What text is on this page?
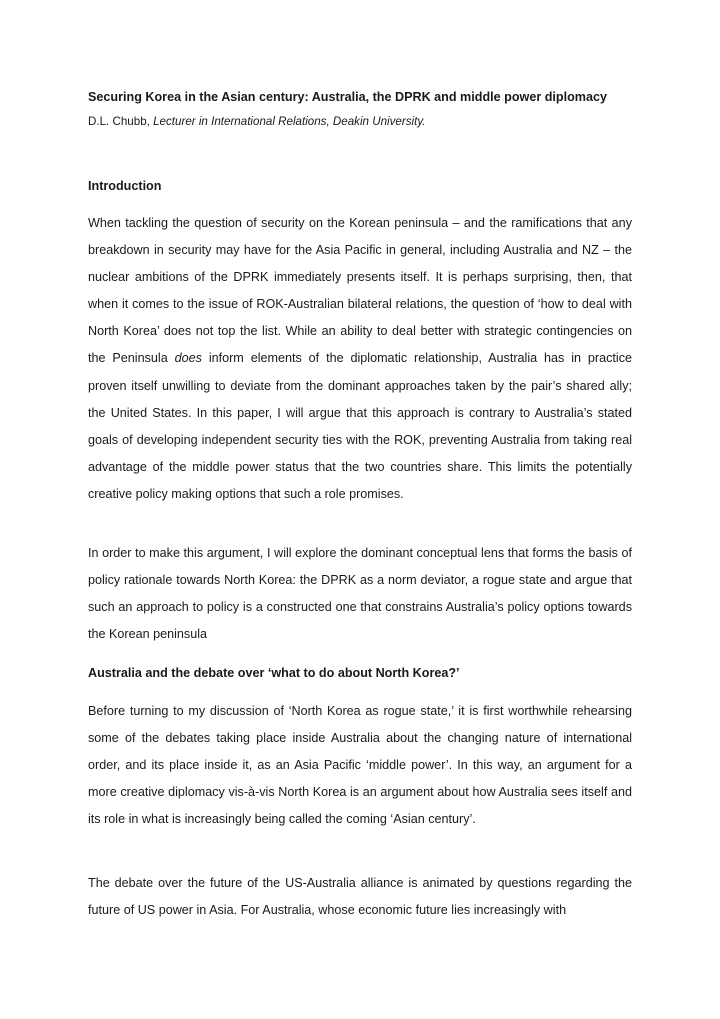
Securing Korea in the Asian century: Australia, the DPRK and middle power diplomacy
D.L. Chubb, Lecturer in International Relations, Deakin University.
Introduction

When tackling the question of security on the Korean peninsula – and the ramifications that any breakdown in security may have for the Asia Pacific in general, including Australia and NZ – the nuclear ambitions of the DPRK immediately presents itself. It is perhaps surprising, then, that when it comes to the issue of ROK-Australian bilateral relations, the question of ‘how to deal with North Korea’ does not top the list. While an ability to deal better with strategic contingencies on the Peninsula does inform elements of the diplomatic relationship, Australia has in practice proven itself unwilling to deviate from the dominant approaches taken by the pair’s shared ally; the United States. In this paper, I will argue that this approach is contrary to Australia’s stated goals of developing independent security ties with the ROK, preventing Australia from taking real advantage of the middle power status that the two countries share. This limits the potentially creative policy making options that such a role promises.

In order to make this argument, I will explore the dominant conceptual lens that forms the basis of policy rationale towards North Korea: the DPRK as a norm deviator, a rogue state and argue that such an approach to policy is a constructed one that constrains Australia’s policy options towards the Korean peninsula

Australia and the debate over ‘what to do about North Korea?’

Before turning to my discussion of ‘North Korea as rogue state,’ it is first worthwhile rehearsing some of the debates taking place inside Australia about the changing nature of international order, and its place inside it, as an Asia Pacific ‘middle power’. In this way, an argument for a more creative diplomacy vis-à-vis North Korea is an argument about how Australia sees itself and its role in what is increasingly being called the coming ‘Asian century’.

The debate over the future of the US-Australia alliance is animated by questions regarding the future of US power in Asia. For Australia, whose economic future lies increasingly with
